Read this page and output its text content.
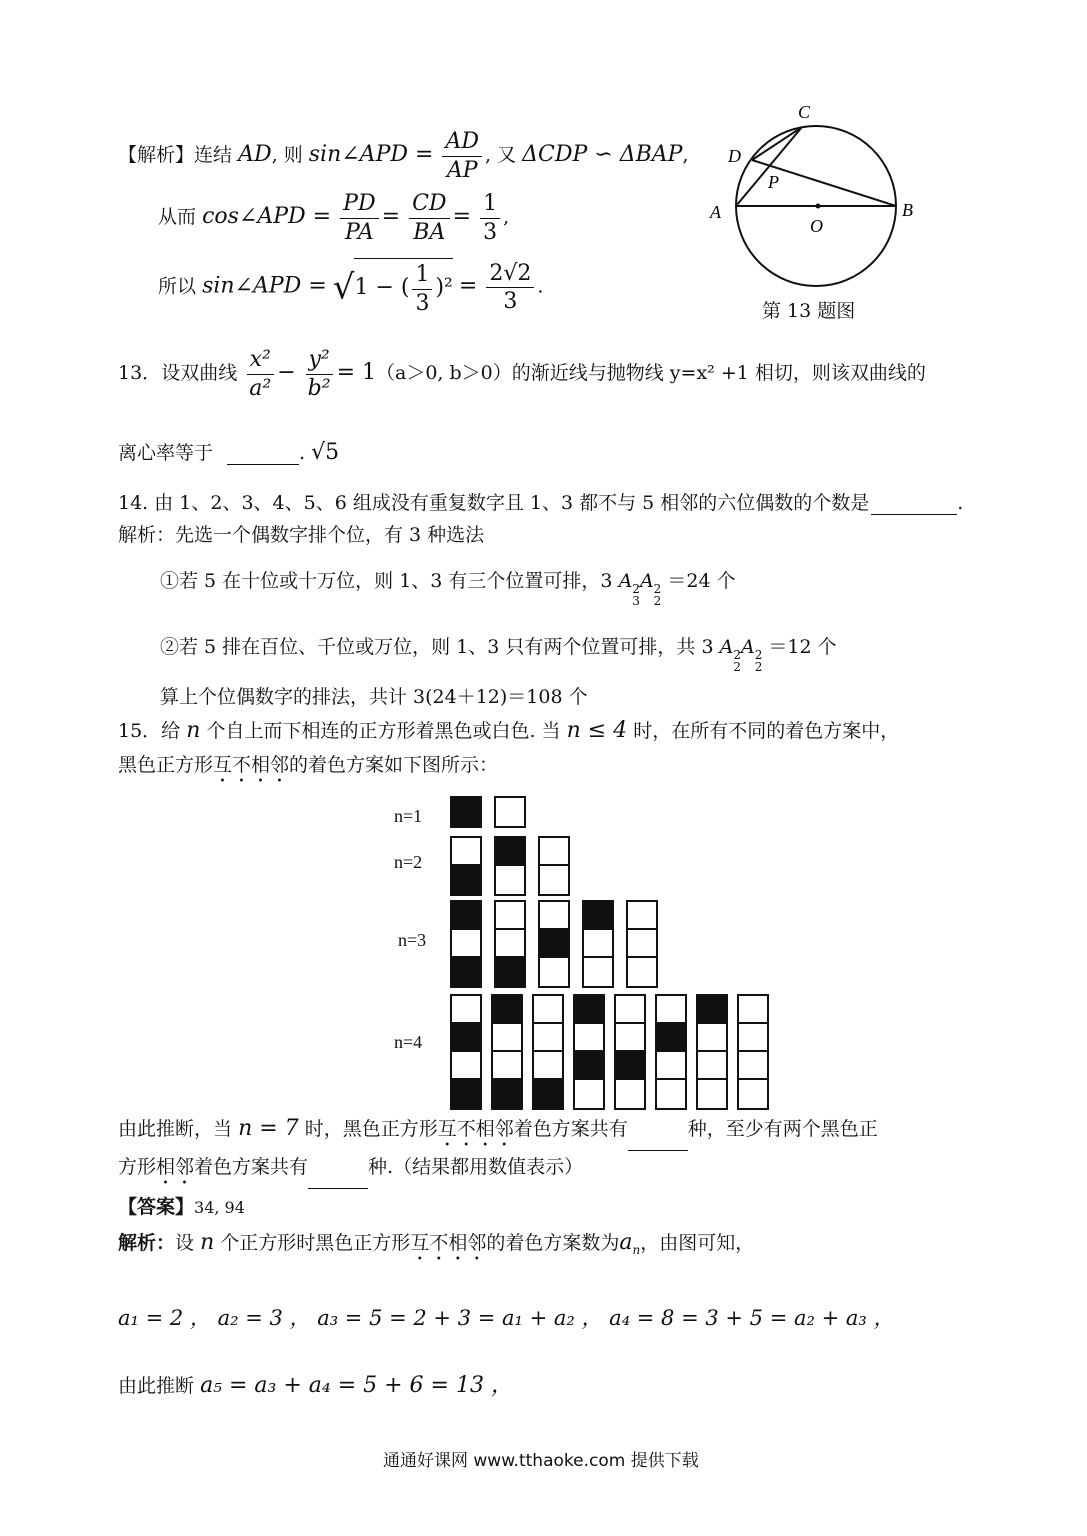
【解析】连结 AD, 则 sin∠APD = $\frac{AD}{AP}$ , 又 ΔCDP ∽ ΔBAP,
从而 cos∠APD = $\frac{PD}{PA} = \frac{CD}{BA} = \frac{1}{3}$ ,
所以 sin∠APD = √1 − ( $\frac{1}{3} )^2 = \frac{2√2}{3}$ .
C
D
P
A	B
O
第 13 题图
13．设双曲线 $\frac{\text{x²}}{\text{a²}} - \frac{\text{y²}}{\text{b²}} = 1(a>0$, b＞0）的渐近线与抛物线 y=x² +1 相切，则该双曲线的
离心率等于	. √5
14. 由 1、2、3、4、5、6 组成没有重复数字且 1、3 都不与 5 相邻的六位偶数的个数是	.
解析：先选一个偶数字排个位，有 3 种选法
①若 5 在十位或十万位，则 1、3 有三个位置可排，3 A 2
3
A 2
2
＝24 个
②若 5 排在百位、千位或万位，则 1、3 只有两个位置可排，共 3 A 2
2
A 2
2
＝12 个
算上个位偶数字的排法，共计 3(24＋12)＝108 个
15．给 n 个自上而下相连的正方形着黑色或白色. 当 n ≤ 4 时，在所有不同的着色方案中，
黑色正方形互不相邻的着色方案如下图所示：
n=1
n=2
n=3
n=4
由此推断，当 n = 7 时，黑色正方形互不相邻着色方案共有	种，至少有两个黑色正
方形相邻着色方案共有	种.（结果都用数值表示）
【答案】34, 94
解析：设 n 个正方形时黑色正方形互不相邻的着色方案数为$a_n$，由图可知，
a₁ = 2 ， a₂ = 3 ， a₃ = 5 = 2 + 3 = a₁ + a₂ ， a₄ = 8 = 3 + 5 = a₂ + a₃ ，
由此推断 a₅ = a₃ + a₄ = 5 + 6 = 13 ，
通通好课网 www.tthaoke.com 提供下载
